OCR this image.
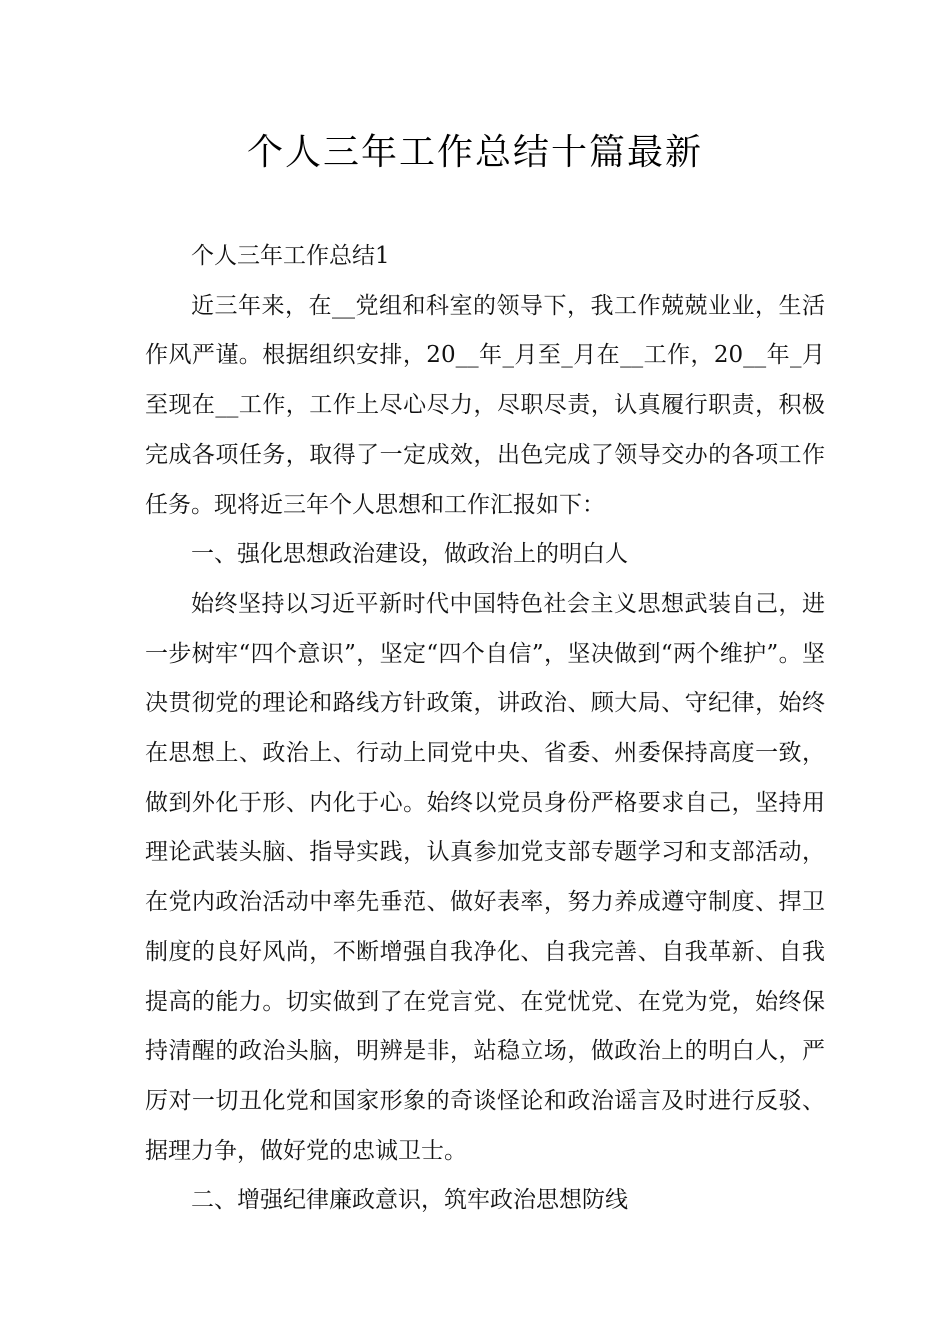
个人三年工作总结十篇最新

个人三年工作总结1

近三年来，在__党组和科室的领导下，我工作兢兢业业，生活作风严谨。根据组织安排，20__年_月至_月在__工作，20__年_月至现在__工作，工作上尽心尽力，尽职尽责，认真履行职责，积极完成各项任务，取得了一定成效，出色完成了领导交办的各项工作任务。现将近三年个人思想和工作汇报如下：

一、强化思想政治建设，做政治上的明白人

始终坚持以习近平新时代中国特色社会主义思想武装自己，进一步树牢“四个意识”，坚定“四个自信”，坚决做到“两个维护”。坚决贯彻党的理论和路线方针政策，讲政治、顾大局、守纪律，始终在思想上、政治上、行动上同党中央、省委、州委保持高度一致，做到外化于形、内化于心。始终以党员身份严格要求自己，坚持用理论武装头脑、指导实践，认真参加党支部专题学习和支部活动，在党内政治活动中率先垂范、做好表率，努力养成遵守制度、捍卫制度的良好风尚，不断增强自我净化、自我完善、自我革新、自我提高的能力。切实做到了在党言党、在党忧党、在党为党，始终保持清醒的政治头脑，明辨是非，站稳立场，做政治上的明白人，严厉对一切丑化党和国家形象的奇谈怪论和政治谣言及时进行反驳、据理力争，做好党的忠诚卫士。

二、增强纪律廉政意识，筑牢政治思想防线
